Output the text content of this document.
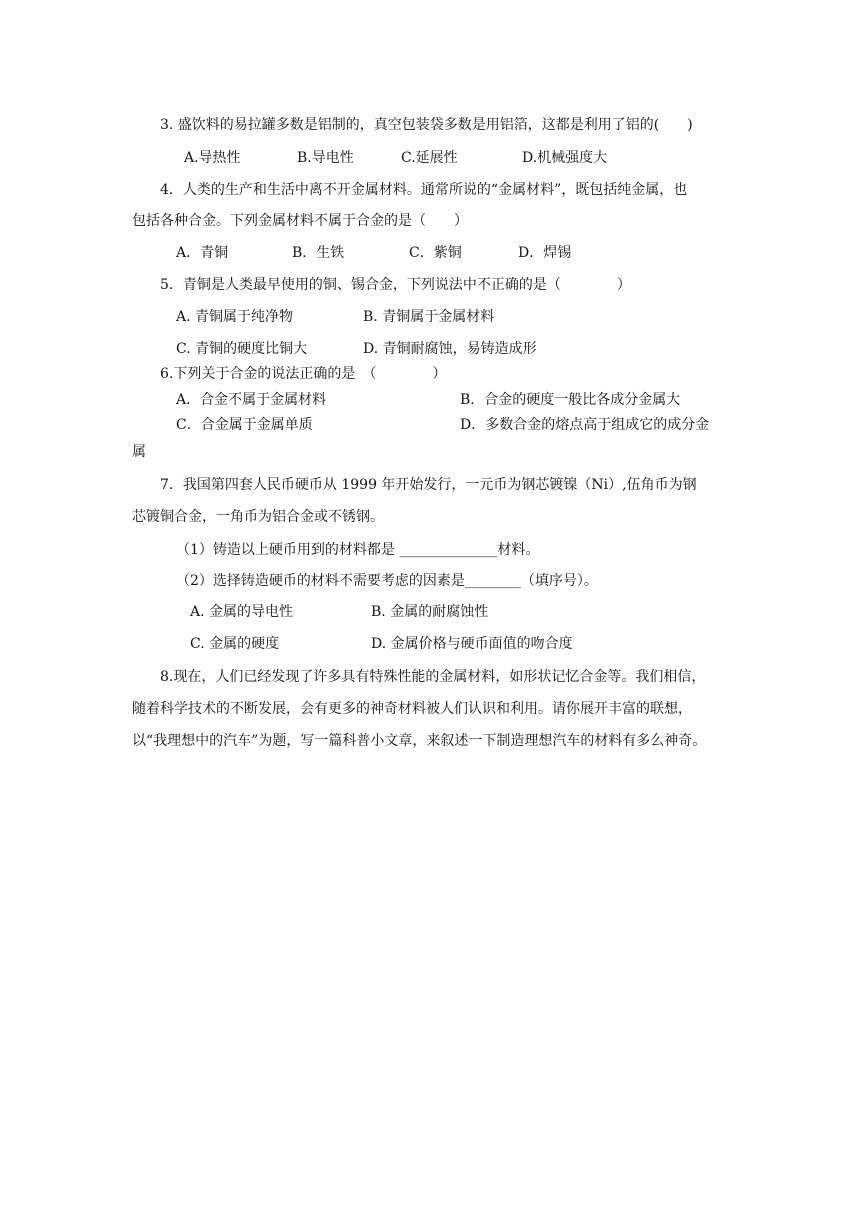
3. 盛饮料的易拉罐多数是铝制的，真空包装袋多数是用铝箔，这都是利用了铝的(　　)
A.导热性	B.导电性	C.延展性	D.机械强度大
4．人类的生产和生活中离不开金属材料。通常所说的“金属材料”，既包括纯金属，也
包括各种合金。下列金属材料不属于合金的是（　　）
A．青铜	B．生铁	C．紫铜	D．焊锡
5．青铜是人类最早使用的铜、锡合金，下列说法中不正确的是（　　　　）
A. 青铜属于纯净物	B. 青铜属于金属材料
C. 青铜的硬度比铜大	D. 青铜耐腐蚀，易铸造成形
6.下列关于合金的说法正确的是　（　　　　）
A．合金不属于金属材料	B．合金的硬度一般比各成分金属大
C．合金属于金属单质	D．多数合金的熔点高于组成它的成分金
属
7．我国第四套人民币硬币从 1999 年开始发行，一元币为钢芯镀镍（Ni）,伍角币为钢
芯镀铜合金，一角币为铝合金或不锈钢。
（1）铸造以上硬币用到的材料都是 ______________材料。
（2）选择铸造硬币的材料不需要考虑的因素是________（填序号）。
A. 金属的导电性	B. 金属的耐腐蚀性
C. 金属的硬度	D. 金属价格与硬币面值的吻合度
8.现在，人们已经发现了许多具有特殊性能的金属材料，如形状记忆合金等。我们相信，
随着科学技术的不断发展，会有更多的神奇材料被人们认识和利用。请你展开丰富的联想，
以“我理想中的汽车”为题，写一篇科普小文章，来叙述一下制造理想汽车的材料有多么神奇。
